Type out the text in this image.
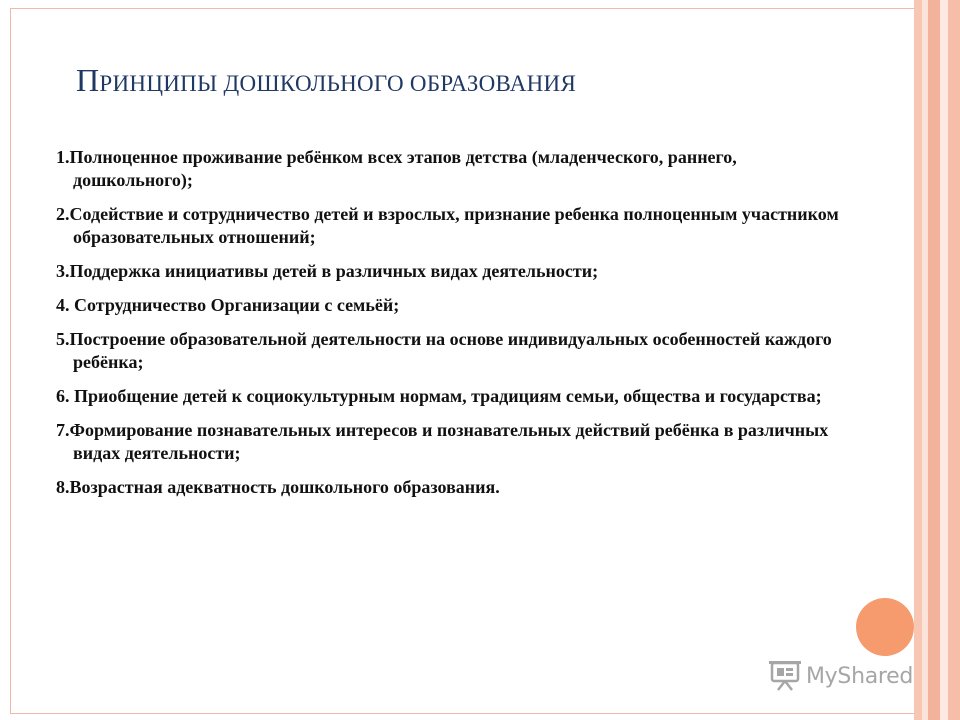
ПРИНЦИПЫ ДОШКОЛЬНОГО ОБРАЗОВАНИЯ
1.Полноценное проживание ребёнком всех этапов детства (младенческого, раннего, дошкольного);
2.Содействие и сотрудничество детей и взрослых, признание ребенка полноценным участником образовательных отношений;
3.Поддержка инициативы детей в различных видах деятельности;
4. Сотрудничество Организации с семьёй;
5.Построение образовательной деятельности на основе индивидуальных особенностей каждого ребёнка;
6. Приобщение детей к социокультурным нормам, традициям семьи, общества и государства;
7.Формирование познавательных интересов и познавательных действий ребёнка в различных видах деятельности;
8.Возрастная адекватность дошкольного образования.
MyShared
